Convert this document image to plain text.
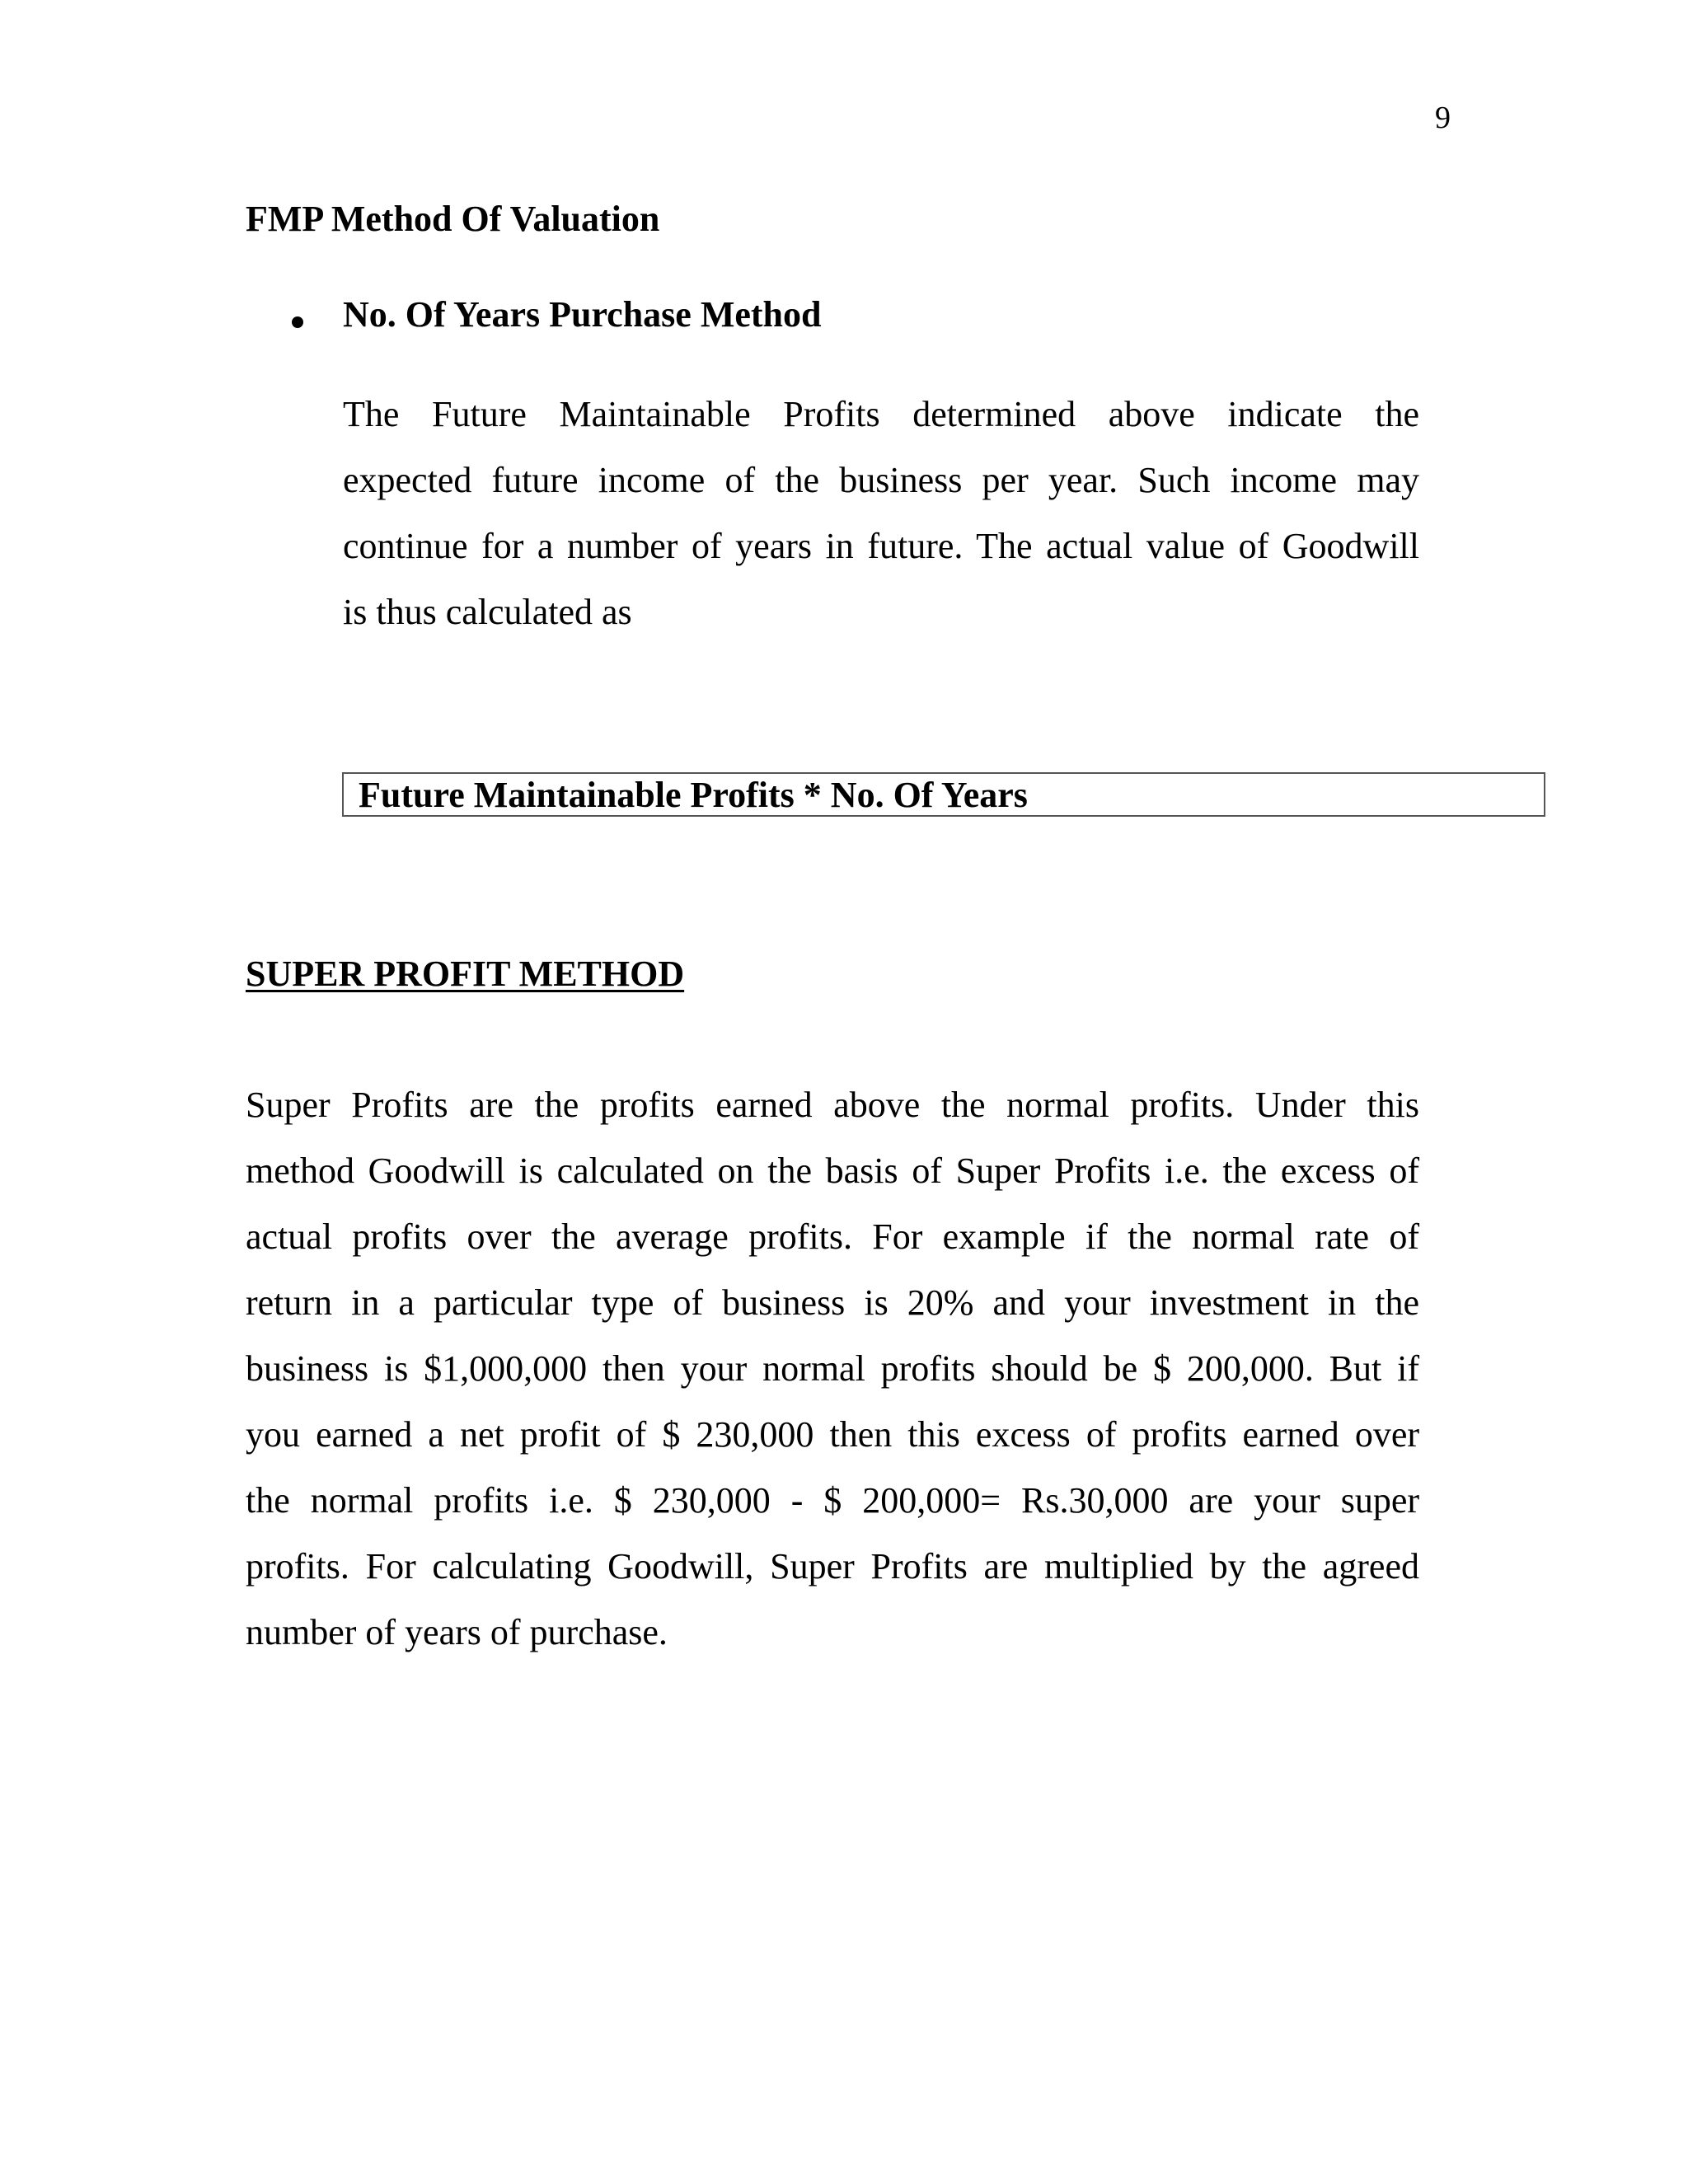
9
FMP Method Of Valuation
No. Of Years Purchase Method
The Future Maintainable Profits determined above indicate the
expected future income of the business per year. Such income may
continue for a number of years in future. The actual value of Goodwill
is thus calculated as
Future Maintainable Profits * No. Of Years
SUPER PROFIT METHOD
Super Profits are the profits earned above the normal profits. Under this
method Goodwill is calculated on the basis of Super Profits i.e. the excess of
actual profits over the average profits. For example if the normal rate of
return in a particular type of business is 20% and your investment in the
business is $1,000,000 then your normal profits should be $ 200,000. But if
you earned a net profit of $ 230,000 then this excess of profits earned over
the normal profits i.e. $ 230,000 - $ 200,000= Rs.30,000 are your super
profits. For calculating Goodwill, Super Profits are multiplied by the agreed
number of years of purchase.
